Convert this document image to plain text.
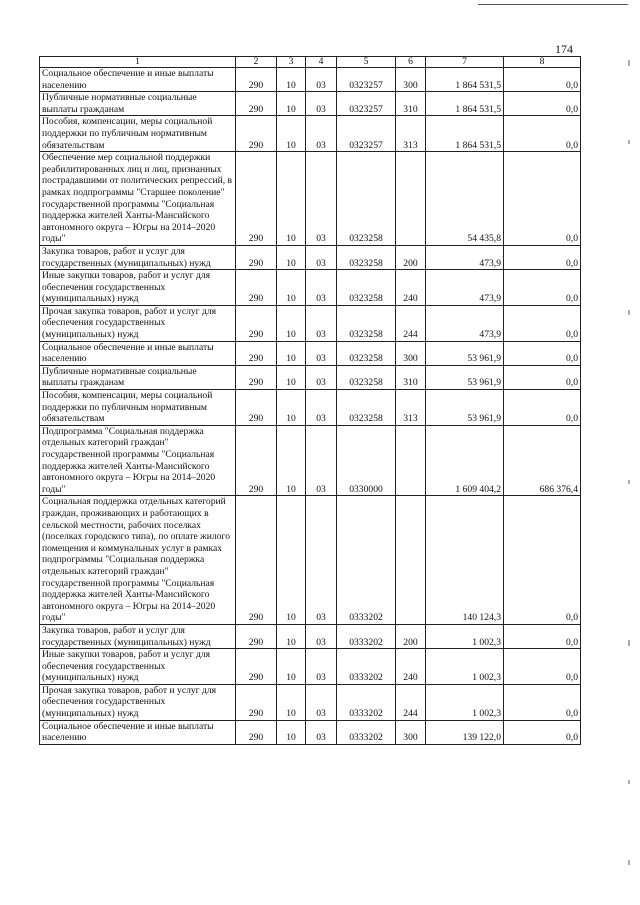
174
1	2	3	4	5	6	7	8
Социальное обеспечение и иные выплаты населению	290	10	03	0323257	300	1 864 531,5	0,0
Публичные нормативные социальные выплаты гражданам	290	10	03	0323257	310	1 864 531,5	0,0
Пособия, компенсации, меры социальной поддержки по публичным нормативным обязательствам	290	10	03	0323257	313	1 864 531,5	0,0
Обеспечение мер социальной поддержки реабилитированных лиц и лиц, признанных пострадавшими от политических репрессий, в рамках подпрограммы "Старшее поколение" государственной программы "Социальная поддержка жителей Ханты-Мансийского автономного округа – Югры на 2014–2020 годы"	290	10	03	0323258		54 435,8	0,0
Закупка товаров, работ и услуг для государственных (муниципальных) нужд	290	10	03	0323258	200	473,9	0,0
Иные закупки товаров, работ и услуг для обеспечения государственных (муниципальных) нужд	290	10	03	0323258	240	473,9	0,0
Прочая закупка товаров, работ и услуг для обеспечения государственных (муниципальных) нужд	290	10	03	0323258	244	473,9	0,0
Социальное обеспечение и иные выплаты населению	290	10	03	0323258	300	53 961,9	0,0
Публичные нормативные социальные выплаты гражданам	290	10	03	0323258	310	53 961,9	0,0
Пособия, компенсации, меры социальной поддержки по публичным нормативным обязательствам	290	10	03	0323258	313	53 961,9	0,0
Подпрограмма "Социальная поддержка отдельных категорий граждан" государственной программы "Социальная поддержка жителей Ханты-Мансийского автономного округа – Югры на 2014–2020 годы"	290	10	03	0330000		1 609 404,2	686 376,4
Социальная поддержка отдельных категорий граждан, проживающих и работающих в сельской местности, рабочих поселках (поселках городского типа), по оплате жилого помещения и коммунальных услуг в рамках подпрограммы "Социальная поддержка отдельных категорий граждан" государственной программы "Социальная поддержка жителей Ханты-Мансийского автономного округа – Югры на 2014–2020 годы"	290	10	03	0333202		140 124,3	0,0
Закупка товаров, работ и услуг для государственных (муниципальных) нужд	290	10	03	0333202	200	1 002,3	0,0
Иные закупки товаров, работ и услуг для обеспечения государственных (муниципальных) нужд	290	10	03	0333202	240	1 002,3	0,0
Прочая закупка товаров, работ и услуг для обеспечения государственных (муниципальных) нужд	290	10	03	0333202	244	1 002,3	0,0
Социальное обеспечение и иные выплаты населению	290	10	03	0333202	300	139 122,0	0,0
